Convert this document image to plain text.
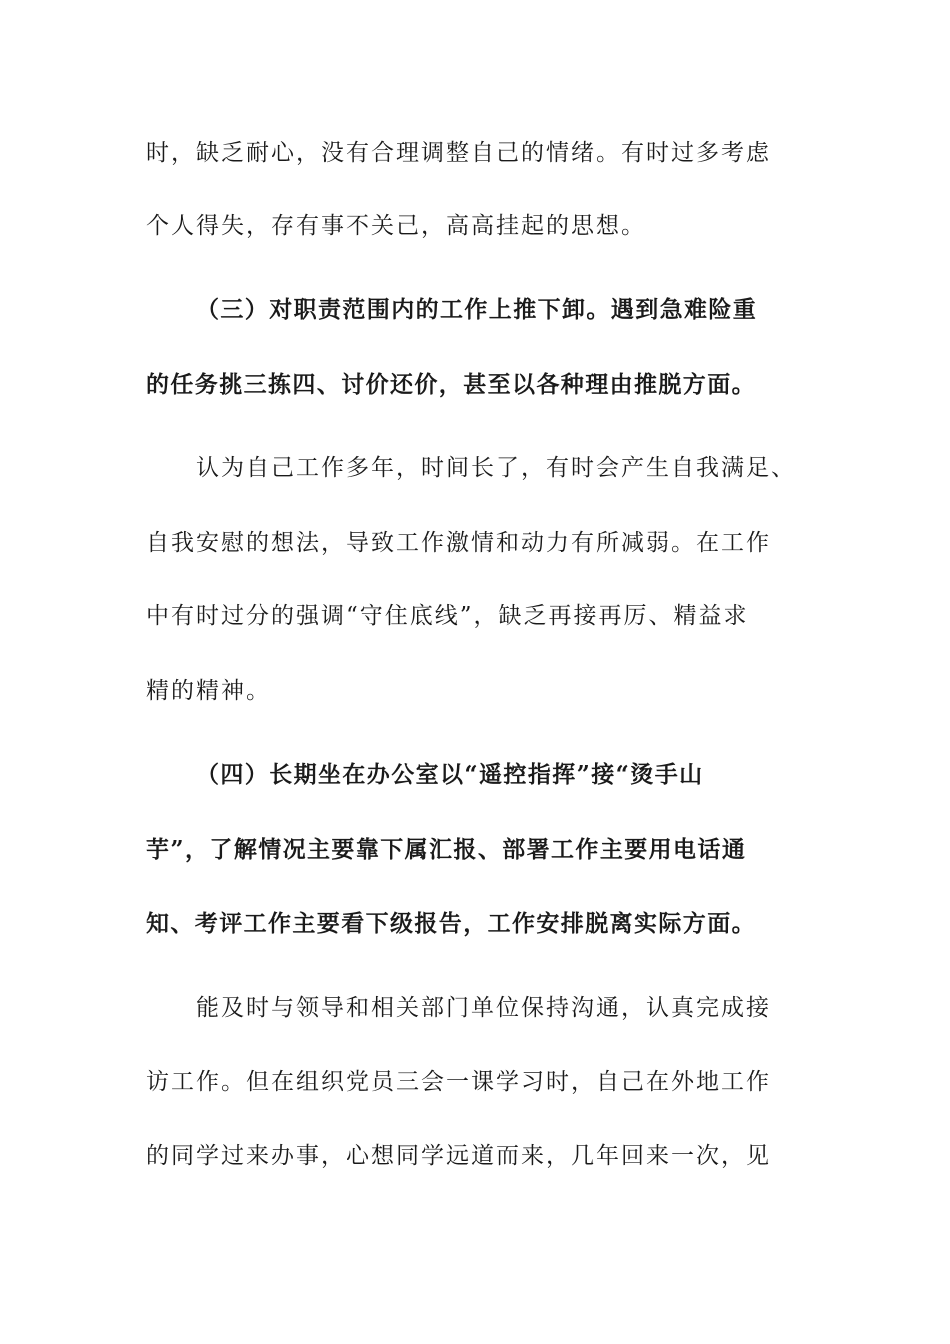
时，缺乏耐心，没有合理调整自己的情绪。有时过多考虑
个人得失，存有事不关己，高高挂起的思想。
（三）对职责范围内的工作上推下卸。遇到急难险重
的任务挑三拣四、讨价还价，甚至以各种理由推脱方面。
认为自己工作多年，时间长了，有时会产生自我满足、
自我安慰的想法，导致工作激情和动力有所减弱。在工作
中有时过分的强调“守住底线”，缺乏再接再厉、精益求
精的精神。
（四）长期坐在办公室以“遥控指挥”接“烫手山
芋”，了解情况主要靠下属汇报、部署工作主要用电话通
知、考评工作主要看下级报告，工作安排脱离实际方面。
能及时与领导和相关部门单位保持沟通，认真完成接
访工作。但在组织党员三会一课学习时，自己在外地工作
的同学过来办事，心想同学远道而来，几年回来一次，见
